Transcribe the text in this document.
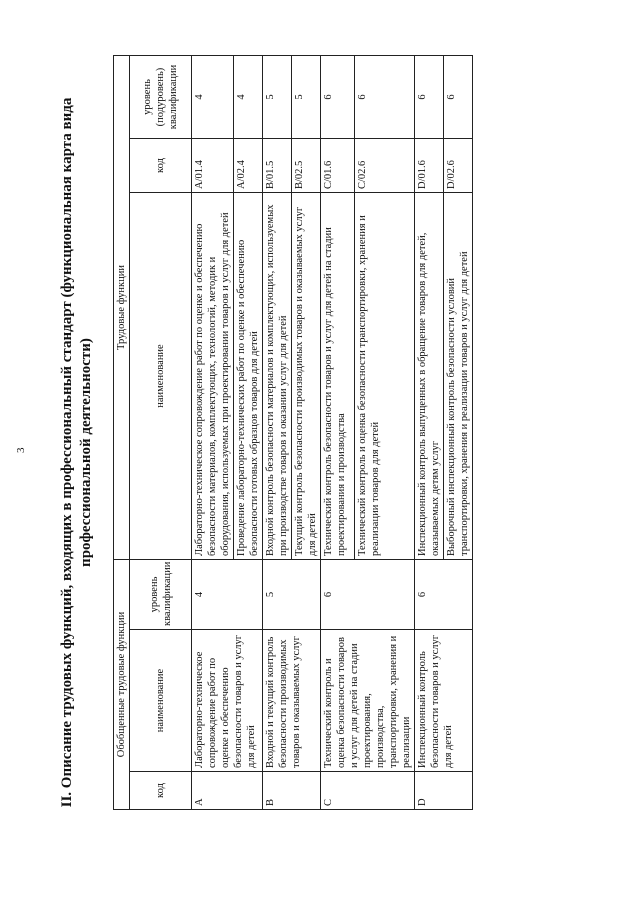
II. Описание трудовых функций, входящих в профессиональный стандарт (функциональная карта вида профессиональной деятельности)
3
Обобщенные трудовые функции			Трудовые функции		
код	наименование	уровень квалификации	наименование	код	уровень (подуровень) квалификации
A	Лабораторно-техническое сопровождение работ по оценке и обеспечению безопасности товаров и услуг для детей	4	Лабораторно-техническое сопровождение работ по оценке и обеспечению безопасности материалов, комплектующих, технологий, методик и оборудования, используемых при проектировании товаров и услуг для детей	A/01.4	4
			Проведение лабораторно-технических работ по оценке и обеспечению безопасности готовых образцов товаров для детей	A/02.4	4
B	Входной и текущий контроль безопасности производимых товаров и оказываемых услуг	5	Входной контроль безопасности материалов и комплектующих, используемых при производстве товаров и оказании услуг для детей	B/01.5	5
			Текущий контроль безопасности производимых товаров и оказываемых услуг для детей	B/02.5	5
C	Технический контроль и оценка безопасности товаров и услуг для детей на стадии проектирования, производства, транспортировки, хранения и реализации	6	Технический контроль безопасности товаров и услуг для детей на стадии проектирования и производства	C/01.6	6
			Технический контроль и оценка безопасности транспортировки, хранения и реализации товаров для детей	C/02.6	6
D	Инспекционный контроль безопасности товаров и услуг для детей	6	Инспекционный контроль выпущенных в обращение товаров для детей, оказываемых детям услуг	D/01.6	6
			Выборочный инспекционный контроль безопасности условий транспортировки, хранения и реализации товаров и услуг для детей	D/02.6	6
